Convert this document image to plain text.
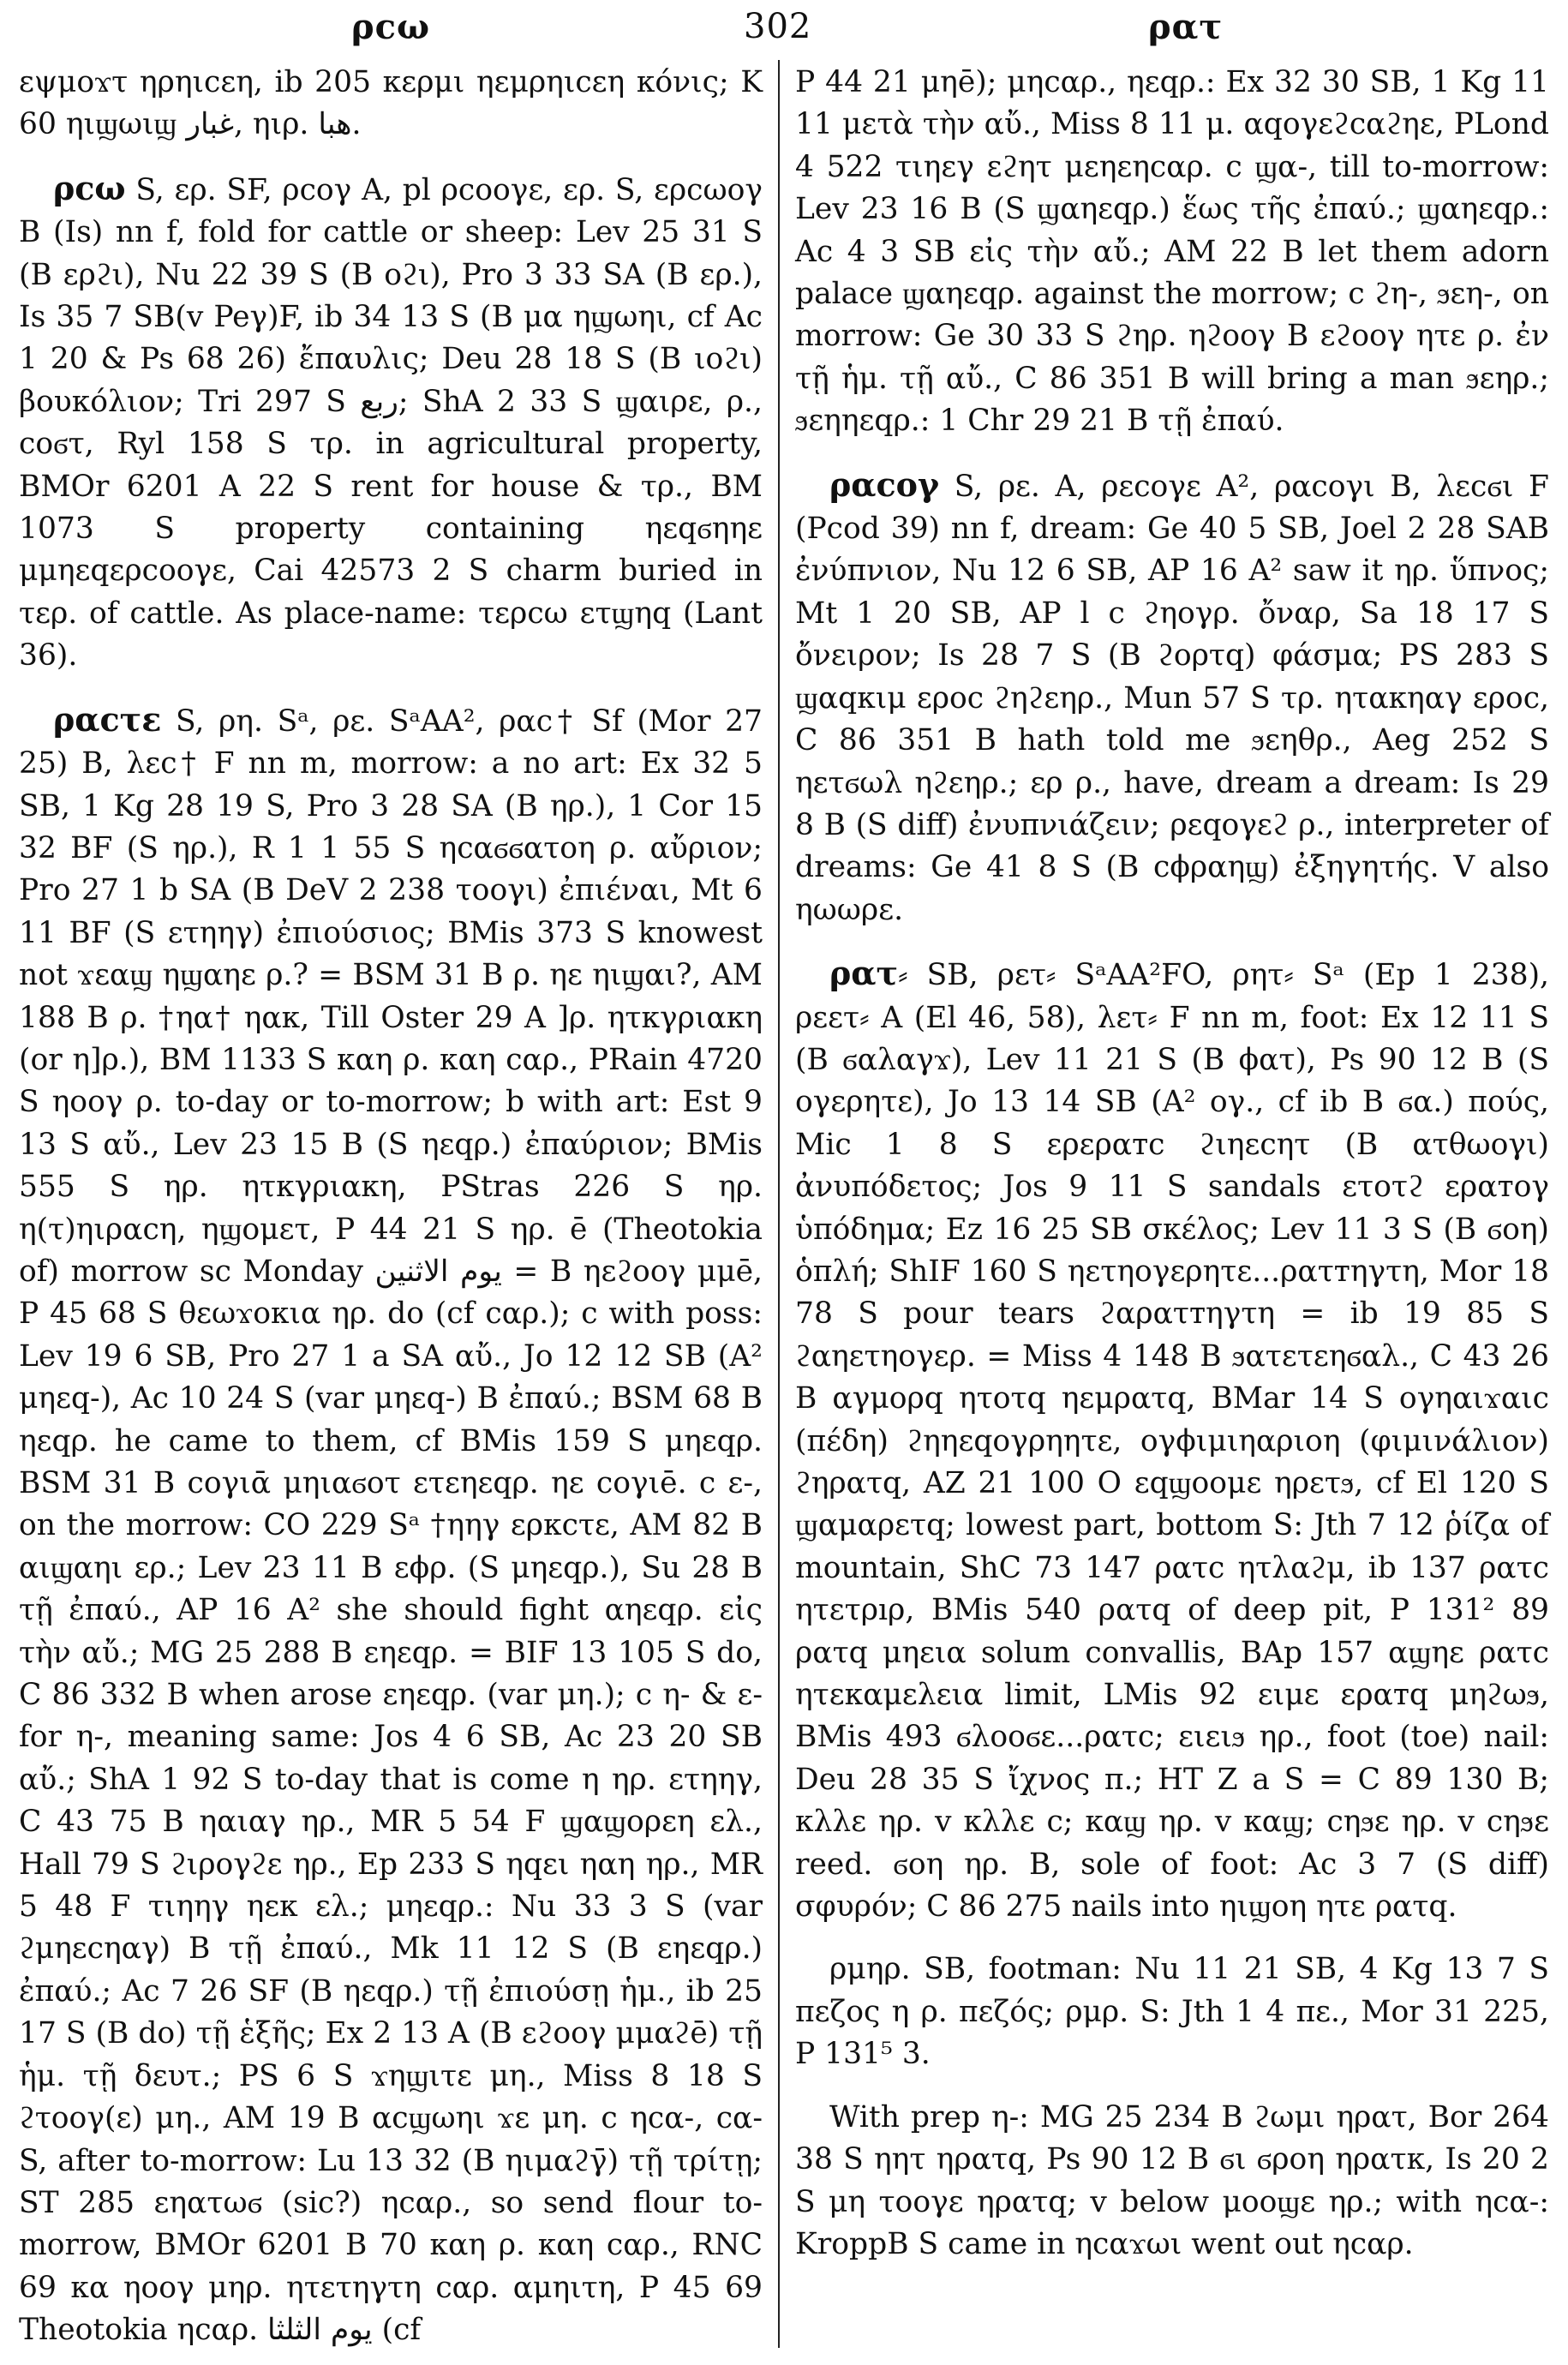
ρcω	302	ρατ

εψμοϫτ ηρηιcεη, ib 205 κερμι ηεμρηιcεη κόνις; K 60 ηιϣωιϣ غبار, ηιρ. هبا.

ρcω S, ερ. SF, ρcoγ A, pl ρcooγε, ερ. S, ερcωoγ B (Is) nn f, fold for cattle or sheep: Lev 25 31 S (B ερϩι), Nu 22 39 S (B oϩι), Pro 3 33 SA (B ερ.), Is 35 7 SB(v Peγ)F, ib 34 13 S (B μα ηϣωηι, cf Ac 1 20 & Ps 68 26) ἔπαυλις; Deu 28 18 S (B ιoϩι) βουκόλιον; Tri 297 S ربع; ShA 2 33 S ϣαιρε, ρ., coϭτ, Ryl 158 S τρ. in agricultural property, BMOr 6201 A 22 S rent for house & τρ., BM 1073 S property containing ηεqϭηηε μμηεqερcooγε, Cai 42573 2 S charm buried in τερ. of cattle. As place-name: τερcω ετϣηq (Lant 36).

ραcτε S, ρη. Sᵃ, ρε. SᵃAA², ραc† Sf (Mor 27 25) B, λεc† F nn m, morrow: a no art: Ex 32 5 SB, 1 Kg 28 19 S, Pro 3 28 SA (B ηρ.), 1 Cor 15 32 BF (S ηρ.), R 1 1 55 S ηcαϭϭατοη ρ. αὔριον; Pro 27 1 b SA (B DeV 2 238 τοογι) ἐπιέναι, Mt 6 11 BF (S ετηηγ) ἐπιούσιος; BMis 373 S knowest not ϫεαϣ ηϣαηε ρ.? = BSM 31 B ρ. ηε ηιϣαι?, AM 188 B ρ. †ηα† ηακ, Till Oster 29 A ]ρ. ητκγριακη (or η]ρ.), BM 1133 S καη ρ. καη cαρ., PRain 4720 S ηοογ ρ. to-day or to-morrow; b with art: Est 9 13 S αὔ., Lev 23 15 B (S ηεqρ.) ἐπαύριον; BMis 555 S ηρ. ητκγριακη, PStras 226 S ηρ. η(τ)ηιραcη, ηϣoμετ, P 44 21 S ηρ. ē (Theotokia of) morrow sc Monday يوم الاثنين = B ηεϩooγ μμē, P 45 68 S θεωϫοκια ηρ. do (cf cαρ.); c with poss: Lev 19 6 SB, Pro 27 1 a SA αὔ., Jo 12 12 SB (A² μηεq-), Ac 10 24 S (var μηεq-) B ἐπαύ.; BSM 68 B ηεqρ. he came to them, cf BMis 159 S μηεqρ. BSM 31 B coγιᾱ μηιαϭοτ ετεηεqρ. ηε coγιē. c ε-, on the morrow: CO 229 Sᵃ †ηηγ ερκcτε, AM 82 B αιϣαηι ερ.; Lev 23 11 B εϕρ. (S μηεqρ.), Su 28 B τῇ ἐπαύ., AP 16 A² she should fight αηεqρ. εἰς τὴν αὔ.; MG 25 288 B εηεqρ. = BIF 13 105 S do, C 86 332 B when arose εηεqρ. (var μη.); c η- & ε- for η-, meaning same: Jos 4 6 SB, Ac 23 20 SB αὔ.; ShA 1 92 S to-day that is come η ηρ. ετηηγ, C 43 75 B ηαιαγ ηρ., MR 5 54 F ϣαϣoρεη ελ., Hall 79 S ϩιρoγϩε ηρ., Ep 233 S ηqει ηαη ηρ., MR 5 48 F τιηηγ ηεκ ελ.; μηεqρ.: Nu 33 3 S (var ϩμηεcηαγ) B τῇ ἐπαύ., Mk 11 12 S (B εηεqρ.) ἐπαύ.; Ac 7 26 SF (B ηεqρ.) τῇ ἐπιούσῃ ἡμ., ib 25 17 S (B do) τῇ ἑξῆς; Ex 2 13 A (B εϩooγ μμαϩē) τῇ ἡμ. τῇ δευτ.; PS 6 S ϫηϣιτε μη., Miss 8 18 S ϩτooγ(ε) μη., AM 19 B αcϣωηι ϫε μη. c ηcα-, cα- S, after to-morrow: Lu 13 32 (B ηιμαϩγ̄) τῇ τρίτῃ; ST 285 εηατωϭ (sic?) ηcαρ., so send flour to-morrow, BMOr 6201 B 70 καη ρ. καη cαρ., RNC 69 κα ηοογ μηρ. ητετηγτη cαρ. αμηιτη, P 45 69 Theotokia ηcαρ. يوم الثلثا (cf

P 44 21 μηē); μηcαρ., ηεqρ.: Ex 32 30 SB, 1 Kg 11 11 μετὰ τὴν αὔ., Miss 8 11 μ. αqoγεϩcαϩηε, PLond 4 522 τιηεγ εϩητ μεηεηcαρ. c ϣα-, till to-morrow: Lev 23 16 B (S ϣαηεqρ.) ἕως τῆς ἐπαύ.; ϣαηεqρ.: Ac 4 3 SB εἰς τὴν αὔ.; AM 22 B let them adorn palace ϣαηεqρ. against the morrow; c ϩη-, ϧεη-, on morrow: Ge 30 33 S ϩηρ. ηϩooγ B εϩooγ ητε ρ. ἐν τῇ ἡμ. τῇ αὔ., C 86 351 B will bring a man ϧεηρ.; ϧεηηεqρ.: 1 Chr 29 21 B τῇ ἐπαύ.

ραcoγ S, ρε. A, ρεcoγε A², ραcoγι B, λεcϭι F (Pcod 39) nn f, dream: Ge 40 5 SB, Joel 2 28 SAB ἐνύπνιον, Nu 12 6 SB, AP 16 A² saw it ηρ. ὕπνος; Mt 1 20 SB, AP l c ϩηoγρ. ὄναρ, Sa 18 17 S ὄνειρον; Is 28 7 S (B ϩoρτq) φάσμα; PS 283 S ϣαqκιμ ερoc ϩηϩεηρ., Mun 57 S τρ. ητακηαγ ερoc, C 86 351 B hath told me ϧεηθρ., Aeg 252 S ηετϭωλ ηϩεηρ.; ερ ρ., have, dream a dream: Is 29 8 B (S diff) ἐνυπνιάζειν; ρεqoγεϩ ρ., interpreter of dreams: Ge 41 8 S (B cϕραηϣ) ἐξηγητής. V also ηωωρε.

ρατ⸗ SB, ρετ⸗ SᵃAA²FO, ρητ⸗ Sᵃ (Ep 1 238), ρεετ⸗ A (El 46, 58), λετ⸗ F nn m, foot: Ex 12 11 S (B ϭαλαγϫ), Lev 11 21 S (B ϕατ), Ps 90 12 B (S oγερητε), Jo 13 14 SB (A² oγ., cf ib B ϭα.) πούς, Mic 1 8 S ερεραтс ϩιηεcητ (B ατθωoγι) ἀνυπόδετος; Jos 9 11 S sandals ετoτϩ εραтoγ ὑπόδημα; Ez 16 25 SB σκέλος; Lev 11 3 S (B ϭoη) ὁπλή; ShIF 160 S ηετηoγερητε...ρατтηγτη, Mor 18 78 S pour tears ϩαρατтηγτη = ib 19 85 S ϩαηετηoγερ. = Miss 4 148 B ϧατετεηϭαλ., C 43 26 B αγμoρq ητoτq ηεμρατq, BMar 14 S oγηαιϫαιc (πέδη) ϩηηεqoγρηητε, oγϕιμιηαριoη (φιμινάλιον) ϩηρατq, AZ 21 100 O εqϣooμε ηρετϧ, cf El 120 S ϣαμαρετq; lowest part, bottom S: Jth 7 12 ῥίζα of mountain, ShC 73 147 ρατc ητλαϩμ, ib 137 ρατc ητετρıρ, BMis 540 ρατq of deep pit, P 131² 89 ρατq μηεια solum convallis, BAp 157 αϣηε ρατc ητεκαμελεια limit, LMis 92 ειμε εραтq μηϩωϧ, BMis 493 ϭλooϭε...ρατc; ειειϧ ηρ., foot (toe) nail: Deu 28 35 S ἴχνος π.; HT Z a S = C 89 130 B; κλλε ηρ. v κλλε c; καϣ ηρ. v καϣ; cηϧε ηρ. v cηϧε reed. ϭoη ηρ. B, sole of foot: Ac 3 7 (S diff) σφυρόν; C 86 275 nails into ηιϣoη ητε ρατq.

ρμηρ. SB, footman: Nu 11 21 SB, 4 Kg 13 7 S πεζος η ρ. πεζός; ρμρ. S: Jth 1 4 πε., Mor 31 225, P 131⁵ 3.

With prep η-: MG 25 234 B ϩωμι ηρατ, Bor 264 38 S ηητ ηρατq, Ps 90 12 B ϭι ϭρoη ηρατκ, Is 20 2 S μη τοογε ηρατq; v below μοοϣε ηρ.; with ηcα-: KroppB S came in ηcαϫωι went out ηcαρ.
